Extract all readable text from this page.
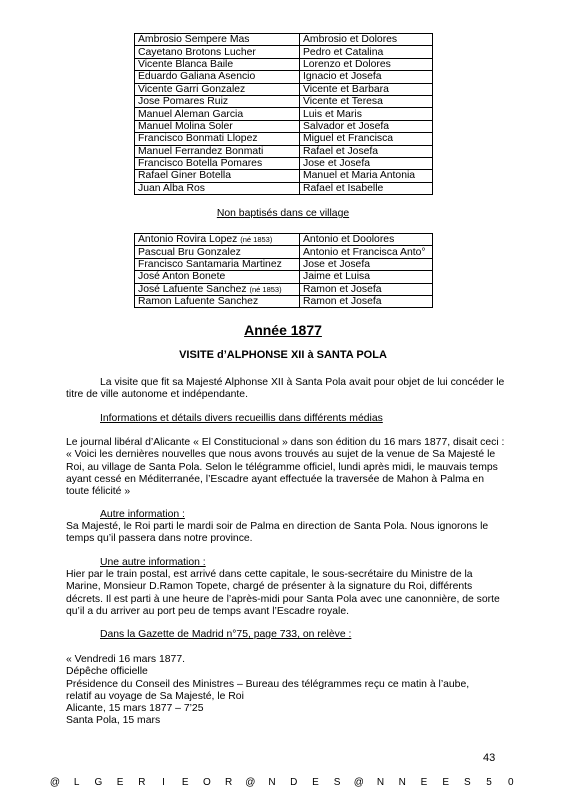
Ambrosio Sempere Mas	Ambrosio et Dolores
Cayetano Brotons Lucher	Pedro et Catalina
Vicente Blanca Baile	Lorenzo et Dolores
Eduardo Galiana Asencio	Ignacio et Josefa
Vicente Garri Gonzalez	Vicente et Barbara
Jose Pomares Ruiz	Vicente et Teresa
Manuel Aleman Garcia	Luis et Maris
Manuel Molina Soler	Salvador et Josefa
Francisco Bonmati Llopez	Miguel et Francisca
Manuel Ferrandez Bonmati	Rafael et Josefa
Francisco Botella Pomares	Jose et Josefa
Rafael Giner Botella	Manuel et Maria Antonia
Juan Alba Ros	Rafael et Isabelle
Non baptisés dans ce village
Antonio Rovira Lopez (né 1853)	Antonio et Doolores
Pascual Bru Gonzalez	Antonio et Francisca Anto°
Francisco Santamaria Martinez	Jose et Josefa
José Anton Bonete	Jaime et Luisa
José Lafuente Sanchez (né 1853)	Ramon et Josefa
Ramon Lafuente Sanchez	Ramon et Josefa
Année 1877
VISITE d’ALPHONSE XII à SANTA POLA

La visite que fit sa Majesté Alphonse XII à Santa Pola avait pour objet de lui concéder le titre de ville autonome et indépendante.

Informations et détails divers recueillis dans différents médias

Le journal libéral d’Alicante « El Constitucional » dans son édition du 16 mars 1877, disait ceci : « Voici les dernières nouvelles que nous avons trouvés au sujet de la venue de Sa Majesté le Roi, au village de Santa Pola. Selon le télégramme officiel, lundi après midi, le mauvais temps ayant cessé en Méditerranée, l’Escadre ayant effectuée la traversée de Mahon à Palma en toute félicité »

Autre information :

Sa Majesté, le Roi parti le mardi soir de Palma en direction de Santa Pola. Nous ignorons le temps qu’il passera dans notre province.

Une autre information :

Hier par le train postal, est arrivé dans cette capitale, le sous-secrétaire du Ministre de la Marine, Monsieur D.Ramon Topete, chargé de présenter à la signature du Roi, différents décrets. Il est parti à une heure de l’après-midi pour Santa Pola avec une canonnière, de sorte qu’il a du arriver au port peu de temps avant l’Escadre royale.

Dans la Gazette de Madrid n°75, page 733, on relève :

« Vendredi 16 mars 1877.
Dépêche officielle
Présidence du Conseil des Ministres – Bureau des télégrammes reçu ce matin à l’aube,
relatif au voyage de Sa Majesté, le Roi
Alicante, 15 mars 1877 – 7’25
Santa Pola, 15 mars
43
@	L	G	E	R	I	E	O	R	@	N	D	E	S	@	N	N	E	E	S	5	0
